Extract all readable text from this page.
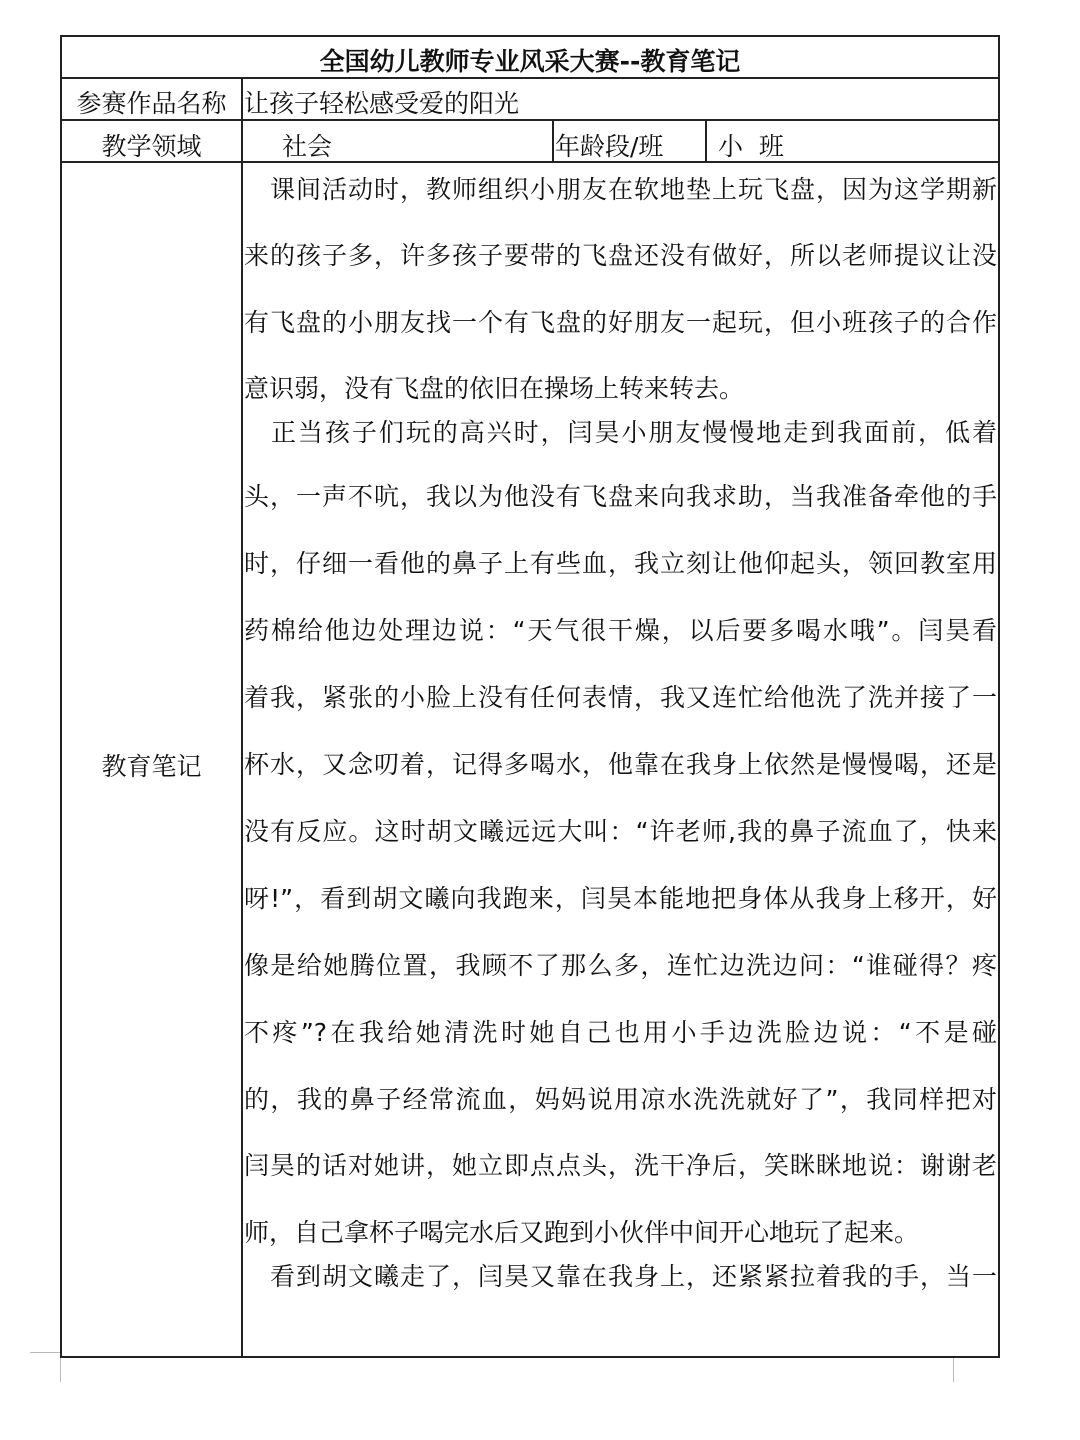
全国幼儿教师专业风采大赛--教育笔记
参赛作品名称 让孩子轻松感受爱的阳光
教学领域	社会	年龄段/班 小  班
教育笔记
　课间活动时，教师组织小朋友在软地垫上玩飞盘，因为这学期新
来的孩子多，许多孩子要带的飞盘还没有做好，所以老师提议让没
有飞盘的小朋友找一个有飞盘的好朋友一起玩，但小班孩子的合作
意识弱，没有飞盘的依旧在操场上转来转去。
　正当孩子们玩的高兴时，闫昊小朋友慢慢地走到我面前，低着
头，一声不吭，我以为他没有飞盘来向我求助，当我准备牵他的手
时，仔细一看他的鼻子上有些血，我立刻让他仰起头，领回教室用
药棉给他边处理边说：“天气很干燥，以后要多喝水哦”。闫昊看
着我，紧张的小脸上没有任何表情，我又连忙给他洗了洗并接了一
杯水，又念叨着，记得多喝水，他靠在我身上依然是慢慢喝，还是
没有反应。这时胡文曦远远大叫：“许老师,我的鼻子流血了，快来
呀!”，看到胡文曦向我跑来，闫昊本能地把身体从我身上移开，好
像是给她腾位置，我顾不了那么多，连忙边洗边问：“谁碰得？疼
不疼”?在我给她清洗时她自己也用小手边洗脸边说：“不是碰
的，我的鼻子经常流血，妈妈说用凉水洗洗就好了”，我同样把对
闫昊的话对她讲，她立即点点头，洗干净后，笑眯眯地说：谢谢老
师，自己拿杯子喝完水后又跑到小伙伴中间开心地玩了起来。
　看到胡文曦走了，闫昊又靠在我身上，还紧紧拉着我的手，当一
